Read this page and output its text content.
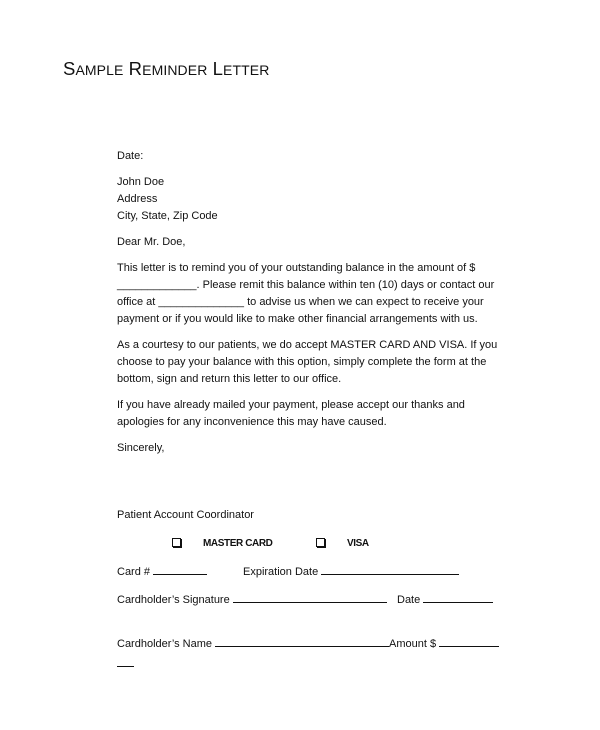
SAMPLE REMINDER LETTER

Date:

John Doe

Address

City, State, Zip Code

Dear Mr. Doe,

This letter is to remind you of your outstanding balance in the amount of $

_____________. Please remit this balance within ten (10) days or contact our

office at ______________ to advise us when we can expect to receive your

payment or if you would like to make other financial arrangements with us.

As a courtesy to our patients, we do accept MASTER CARD AND VISA. If you

choose to pay your balance with this option, simply complete the form at the

bottom, sign and return this letter to our office.

If you have already mailed your payment, please accept our thanks and

apologies for any inconvenience this may have caused.

Sincerely,

Patient Account Coordinator
MASTER CARD	VISA
Card #	Expiration Date
Cardholder’s Signature	Date
Cardholder’s Name	Amount $
